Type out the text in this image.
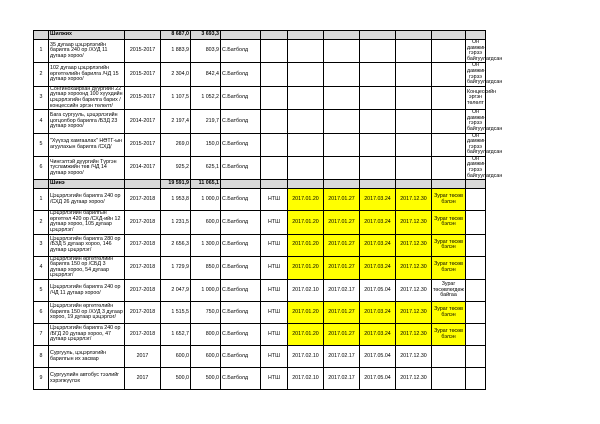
	Шилжих		8 687,0	3 693,3								
1	35 дугаар цэцэрлэгийн барилга 240 ор /ХУД 11 дугаар хороо/	2015-2017	1 883,9	803,9	С.Батболд							Он дамжин гэрээ байгуулагдсан
2	102 дугаар цэцэрлэгийн өргөтгөлийн барилга /ЧД 15 дугаар хороо/	2015-2017	2 304,0	842,4	С.Батболд							Он дамжин гэрээ байгуулагдсан
3	Сонгинохайрхан дүүргийн 22 дугаар хороонд 100 хүүхдийн цэцэрлэгийн барилга барих /концессийн эргэн төлөлт/	2015-2017	1 107,5	1 052,2	С.Батболд							Концессийн эргэн төлөлт
4	Бага сургууль, цэцэрлэгийн цогцолбор барилга /БЗД 23 дугаар хороо/	2014-2017	2 197,4	219,7	С.Батболд							Он дамжин гэрээ байгуулагдсан
5	"Хүүхэд хамгаалах" НӨТГ-ын агуулахын барилга /СХД/	2015-2017	269,0	150,0	С.Батболд							Он дамжин гэрээ байгуулагдсан
6	Чингэлтэй дүүргийн Түргэн тусламжийн төв /ЧД 14 дугаар хороо/	2014-2017	925,2	625,1	С.Батболд							Он дамжин гэрээ байгуулагдсан
	Шинэ		19 591,9	11 065,1								
1	Цэцэрлэгийн барилга 240 ор /СХД 26 дугаар хороо/	2017-2018	1 953,8	1 000,0	С.Батболд	НТШ	2017.01.20	2017.01.27	2017.03.24	2017.12.30	Зураг төсөв бэлэн	
2	Цэцэрлэгийн барилгын өргөтгөл 420 ор /СХД-ийн 12 дугаар хороо, 105 дугаар цэцэрлэг/	2017-2018	1 231,5	600,0	С.Батболд	НТШ	2017.01.20	2017.01.27	2017.03.24	2017.12.30	Зураг төсөв бэлэн	
3	Цэцэрлэгийн барилга 280 ор /БЗД 5 дугаар хороо, 146 дугаар цэцэрлэг/	2017-2018	2 656,3	1 300,0	С.Батболд	НТШ	2017.01.20	2017.01.27	2017.03.24	2017.12.30	Зураг төсөв бэлэн	
4	Цэцэрлэгийн өргөтгөлийн барилга 150 ор /СБД 3 дугаар хороо, 54 дугаар цэцэрлэг/	2017-2018	1 729,9	850,0	С.Батболд	НТШ	2017.01.20	2017.01.27	2017.03.24	2017.12.30	Зураг төсөв бэлэн	
5	Цэцэрлэгийн барилга 240 ор /ЧД 11 дугаар хороо/	2017-2018	2 047,9	1 000,0	С.Батболд	НТШ	2017.02.10	2017.02.17	2017.05.04	2017.12.30	Зураг төсөвлөгдөж байгаа	
6	Цэцэрлэгийн өргөтгөлийн барилга 150 ор /ХУД 3 дугаар хороо, 19 дугаар цэцэрлэг/	2017-2018	1 515,5	750,0	С.Батболд	НТШ	2017.01.20	2017.01.27	2017.03.24	2017.12.30	Зураг төсөв бэлэн	
7	Цэцэрлэгийн барилга 240 ор /БГД 20 дугаар хороо, 47 дугаар цэцэрлэг/	2017-2018	1 652,7	800,0	С.Батболд	НТШ	2017.01.20	2017.01.27	2017.03.24	2017.12.30	Зураг төсөв бэлэн	
8	Сургууль, цэцэрлэгийн барилгын их засвар	2017	600,0	600,0	С.Батболд	НТШ	2017.02.10	2017.02.17	2017.05.04	2017.12.30		
9	Сургуулийн автобус тээлийг хэрэгжүүлэх	2017	500,0	500,0	С.Батболд	НТШ	2017.02.10	2017.02.17	2017.05.04	2017.12.30		
